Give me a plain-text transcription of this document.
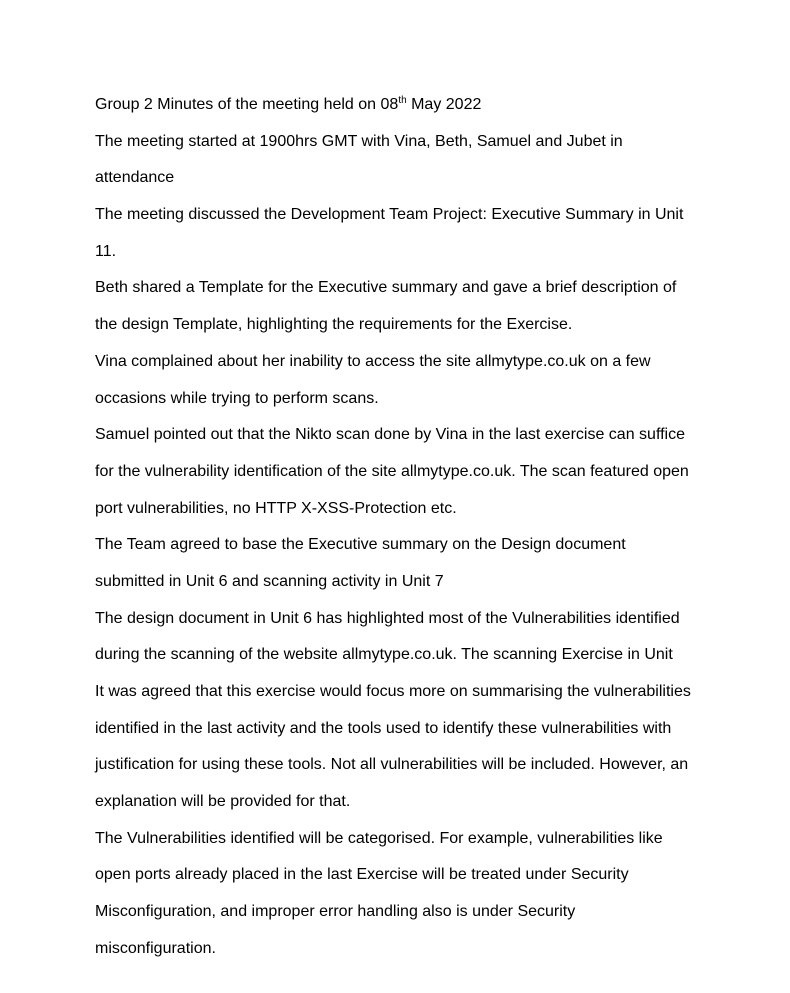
Group 2 Minutes of the meeting held on 08th May 2022
The meeting started at 1900hrs GMT with Vina, Beth, Samuel and Jubet in
attendance
The meeting discussed the Development Team Project: Executive Summary in Unit
11.
Beth shared a Template for the Executive summary and gave a brief description of
the design Template, highlighting the requirements for the Exercise.
Vina complained about her inability to access the site allmytype.co.uk on a few
occasions while trying to perform scans.
Samuel pointed out that the Nikto scan done by Vina in the last exercise can suffice
for the vulnerability identification of the site allmytype.co.uk. The scan featured open
port vulnerabilities, no HTTP X-XSS-Protection etc.
The Team agreed to base the Executive summary on the Design document
submitted in Unit 6 and scanning activity in Unit 7
The design document in Unit 6 has highlighted most of the Vulnerabilities identified
during the scanning of the website allmytype.co.uk. The scanning Exercise in Unit
It was agreed that this exercise would focus more on summarising the vulnerabilities
identified in the last activity and the tools used to identify these vulnerabilities with
justification for using these tools. Not all vulnerabilities will be included. However, an
explanation will be provided for that.
The Vulnerabilities identified will be categorised. For example, vulnerabilities like
open ports already placed in the last Exercise will be treated under Security
Misconfiguration, and improper error handling also is under Security
misconfiguration.
